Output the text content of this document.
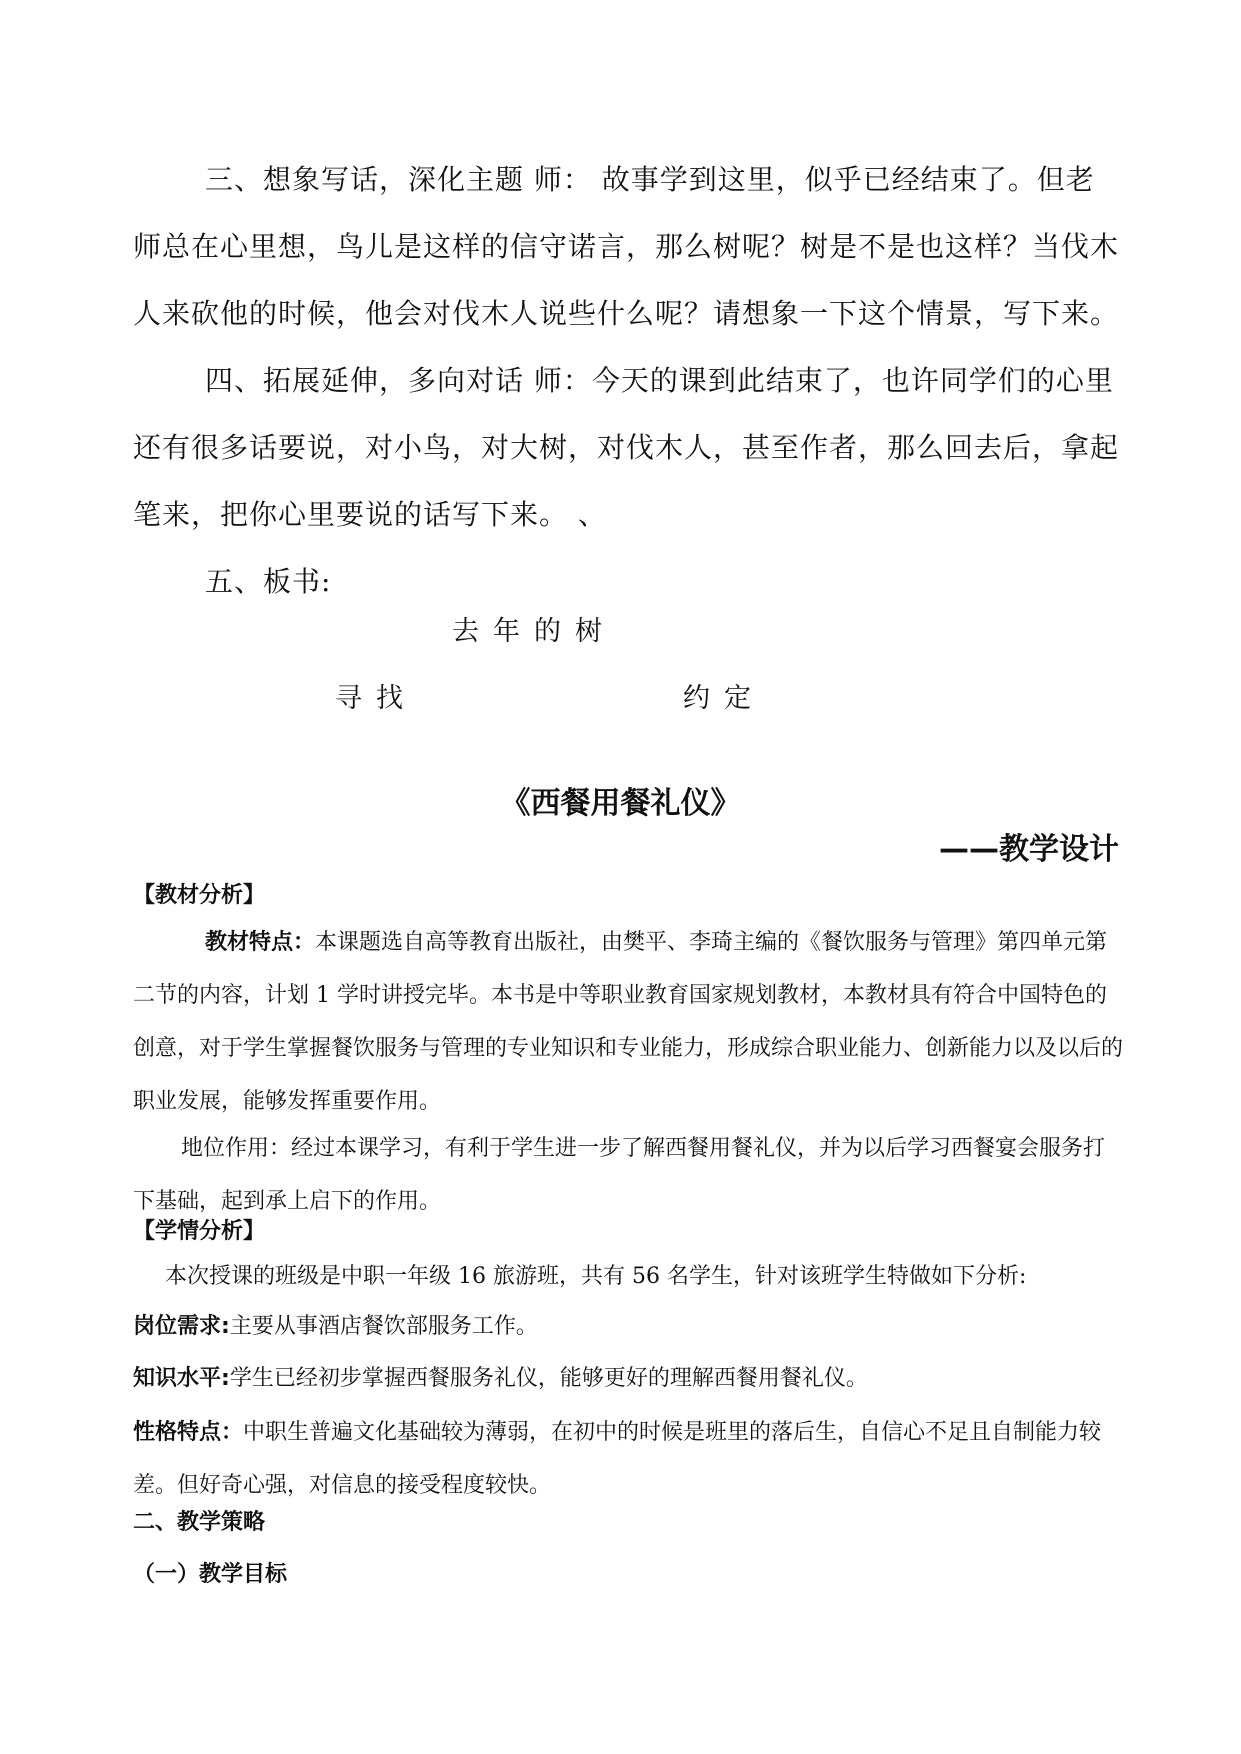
三、想象写话，深化主题 师： 故事学到这里，似乎已经结束了。但老师总在心里想，鸟儿是这样的信守诺言，那么树呢？树是不是也这样？当伐木人来砍他的时候，他会对伐木人说些什么呢？请想象一下这个情景，写下来。

四、拓展延伸，多向对话 师：今天的课到此结束了，也许同学们的心里还有很多话要说，对小鸟，对大树，对伐木人，甚至作者，那么回去后，拿起笔来，把你心里要说的话写下来。 、

五、板书:

去年的树
寻找	约定
《西餐用餐礼仪》
——教学设计
【教材分析】

教材特点：本课题选自高等教育出版社，由樊平、李琦主编的《餐饮服务与管理》第四单元第二节的内容，计划 1 学时讲授完毕。本书是中等职业教育国家规划教材，本教材具有符合中国特色的创意，对于学生掌握餐饮服务与管理的专业知识和专业能力，形成综合职业能力、创新能力以及以后的职业发展，能够发挥重要作用。

地位作用：经过本课学习，有利于学生进一步了解西餐用餐礼仪，并为以后学习西餐宴会服务打下基础，起到承上启下的作用。

【学情分析】

本次授课的班级是中职一年级 16 旅游班，共有 56 名学生，针对该班学生特做如下分析:

岗位需求:主要从事酒店餐饮部服务工作。

知识水平:学生已经初步掌握西餐服务礼仪，能够更好的理解西餐用餐礼仪。

性格特点：中职生普遍文化基础较为薄弱，在初中的时候是班里的落后生，自信心不足且自制能力较差。但好奇心强，对信息的接受程度较快。

二、教学策略
（一）教学目标
